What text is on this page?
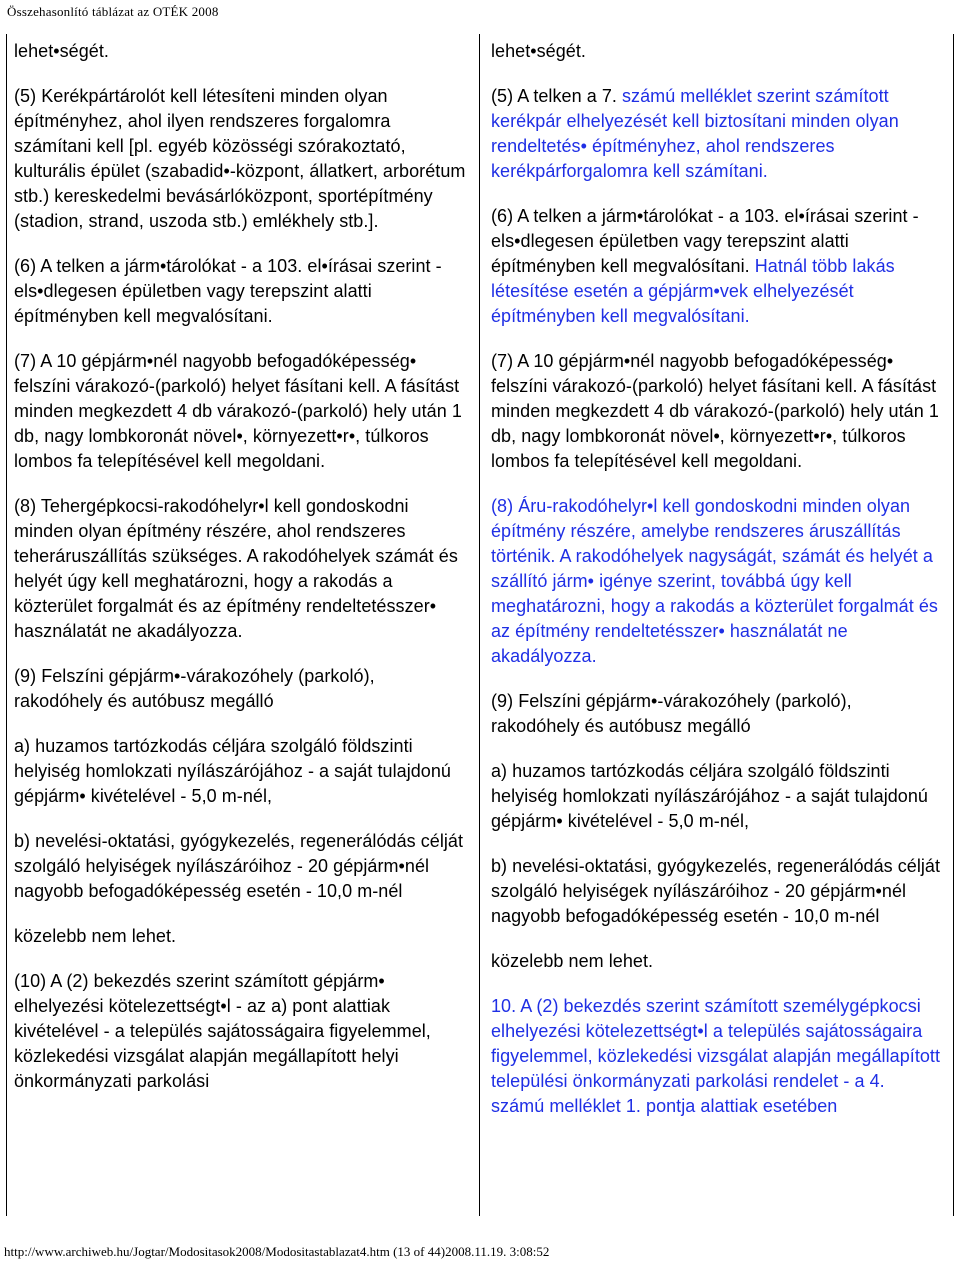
Összehasonlító táblázat az OTÉK 2008

lehet•ségét.

(5) Kerékpártárolót kell létesíteni minden olyan építményhez, ahol ilyen rendszeres forgalomra számítani kell [pl. egyéb közösségi szórakoztató, kulturális épület (szabadid•-központ, állatkert, arborétum stb.) kereskedelmi bevásárlóközpont, sportépítmény (stadion, strand, uszoda stb.) emlékhely stb.].

(6) A telken a járm•tárolókat - a 103. el•írásai szerint - els•dlegesen épületben vagy terepszint alatti építményben kell megvalósítani.

(7) A 10 gépjárm•nél nagyobb befogadóképesség• felszíni várakozó-(parkoló) helyet fásítani kell. A fásítást minden megkezdett 4 db várakozó-(parkoló) hely után 1 db, nagy lombkoronát növel•, környezett•r•, túlkoros lombos fa telepítésével kell megoldani.

(8) Tehergépkocsi-rakodóhelyr•l kell gondoskodni minden olyan építmény részére, ahol rendszeres teheráruszállítás szükséges. A rakodóhelyek számát és helyét úgy kell meghatározni, hogy a rakodás a közterület forgalmát és az építmény rendeltetésszer• használatát ne akadályozza.

(9) Felszíni gépjárm•-várakozóhely (parkoló), rakodóhely és autóbusz megálló

a) huzamos tartózkodás céljára szolgáló földszinti helyiség homlokzati nyílászárójához - a saját tulajdonú gépjárm• kivételével - 5,0 m-nél,

b) nevelési-oktatási, gyógykezelés, regenerálódás célját szolgáló helyiségek nyílászáróihoz - 20 gépjárm•nél nagyobb befogadóképesség esetén - 10,0 m-nél

közelebb nem lehet.

(10) A (2) bekezdés szerint számított gépjárm• elhelyezési kötelezettségt•l - az a) pont alattiak kivételével - a település sajátosságaira figyelemmel, közlekedési vizsgálat alapján megállapított helyi önkormányzati parkolási

lehet•ségét.

(5) A telken a 7. számú melléklet szerint számított kerékpár elhelyezését kell biztosítani minden olyan rendeltetés• építményhez, ahol rendszeres kerékpárforgalomra kell számítani.

(6) A telken a járm•tárolókat - a 103. el•írásai szerint - els•dlegesen épületben vagy terepszint alatti építményben kell megvalósítani. Hatnál több lakás létesítése esetén a gépjárm•vek elhelyezését építményben kell megvalósítani.

(7) A 10 gépjárm•nél nagyobb befogadóképesség• felszíni várakozó-(parkoló) helyet fásítani kell. A fásítást minden megkezdett 4 db várakozó-(parkoló) hely után 1 db, nagy lombkoronát növel•, környezett•r•, túlkoros lombos fa telepítésével kell megoldani.

(8) Áru-rakodóhelyr•l kell gondoskodni minden olyan építmény részére, amelybe rendszeres áruszállítás történik. A rakodóhelyek nagyságát, számát és helyét a szállító járm• igénye szerint, továbbá úgy kell meghatározni, hogy a rakodás a közterület forgalmát és az építmény rendeltetésszer• használatát ne akadályozza.

(9) Felszíni gépjárm•-várakozóhely (parkoló), rakodóhely és autóbusz megálló

a) huzamos tartózkodás céljára szolgáló földszinti helyiség homlokzati nyílászárójához - a saját tulajdonú gépjárm• kivételével - 5,0 m-nél,

b) nevelési-oktatási, gyógykezelés, regenerálódás célját szolgáló helyiségek nyílászáróihoz - 20 gépjárm•nél nagyobb befogadóképesség esetén - 10,0 m-nél

közelebb nem lehet.

10. A (2) bekezdés szerint számított személygépkocsi elhelyezési kötelezettségt•l a település sajátosságaira figyelemmel, közlekedési vizsgálat alapján megállapított települési önkormányzati parkolási rendelet - a 4. számú melléklet 1. pontja alattiak esetében

http://www.archiweb.hu/Jogtar/Modositasok2008/Modositastablazat4.htm (13 of 44)2008.11.19. 3:08:52
